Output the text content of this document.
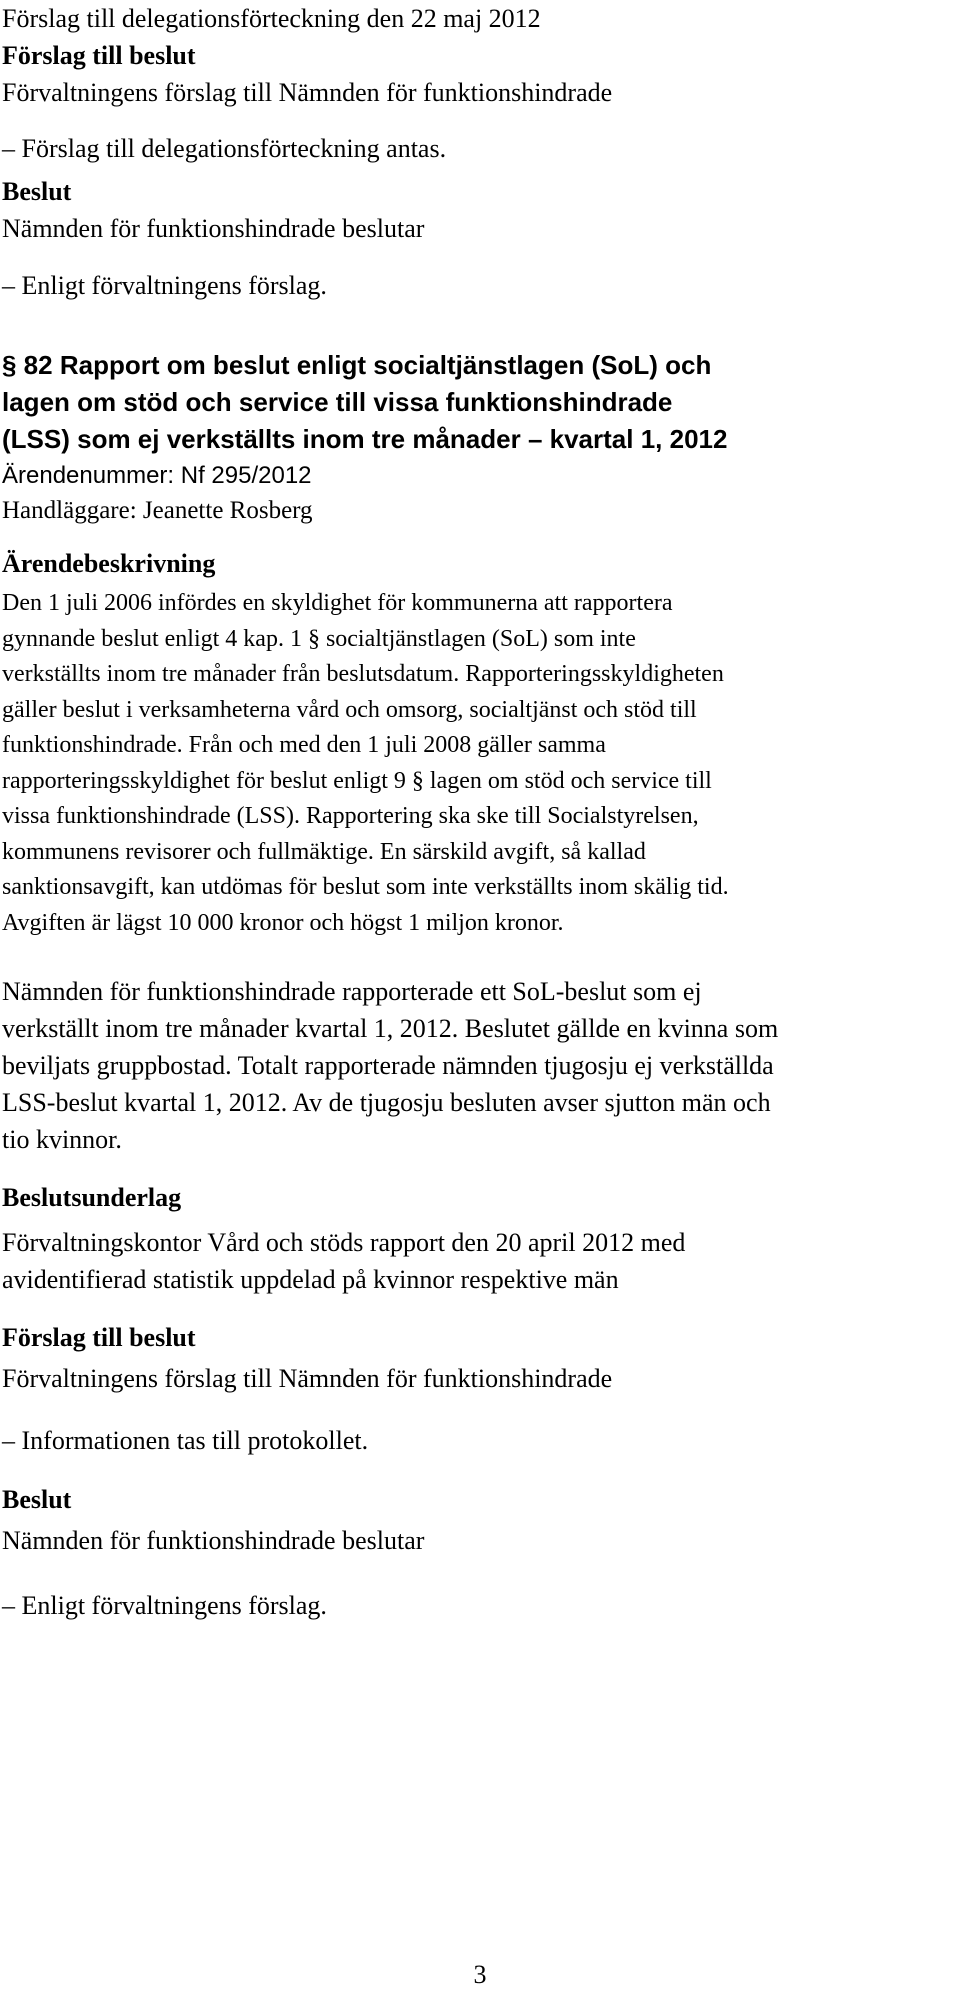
Förslag till delegationsförteckning den 22 maj 2012
Förslag till beslut
Förvaltningens förslag till Nämnden för funktionshindrade
– Förslag till delegationsförteckning antas.
Beslut
Nämnden för funktionshindrade beslutar
– Enligt förvaltningens förslag.
§ 82 Rapport om beslut enligt socialtjänstlagen (SoL) och
lagen om stöd och service till vissa funktionshindrade
(LSS) som ej verkställts inom tre månader – kvartal 1, 2012
Ärendenummer: Nf 295/2012
Handläggare: Jeanette Rosberg
Ärendebeskrivning
Den 1 juli 2006 infördes en skyldighet för kommunerna att rapportera
gynnande beslut enligt 4 kap. 1 § socialtjänstlagen (SoL) som inte
verkställts inom tre månader från beslutsdatum. Rapporteringsskyldigheten
gäller beslut i verksamheterna vård och omsorg, socialtjänst och stöd till
funktionshindrade. Från och med den 1 juli 2008 gäller samma
rapporteringsskyldighet för beslut enligt 9 § lagen om stöd och service till
vissa funktionshindrade (LSS). Rapportering ska ske till Socialstyrelsen,
kommunens revisorer och fullmäktige. En särskild avgift, så kallad
sanktionsavgift, kan utdömas för beslut som inte verkställts inom skälig tid.
Avgiften är lägst 10 000 kronor och högst 1 miljon kronor.
Nämnden för funktionshindrade rapporterade ett SoL-beslut som ej
verkställt inom tre månader kvartal 1, 2012. Beslutet gällde en kvinna som
beviljats gruppbostad. Totalt rapporterade nämnden tjugosju ej verkställda
LSS-beslut kvartal 1, 2012. Av de tjugosju besluten avser sjutton män och
tio kvinnor.
Beslutsunderlag
Förvaltningskontor Vård och stöds rapport den 20 april 2012 med
avidentifierad statistik uppdelad på kvinnor respektive män
Förslag till beslut
Förvaltningens förslag till Nämnden för funktionshindrade
– Informationen tas till protokollet.
Beslut
Nämnden för funktionshindrade beslutar
– Enligt förvaltningens förslag.
3
